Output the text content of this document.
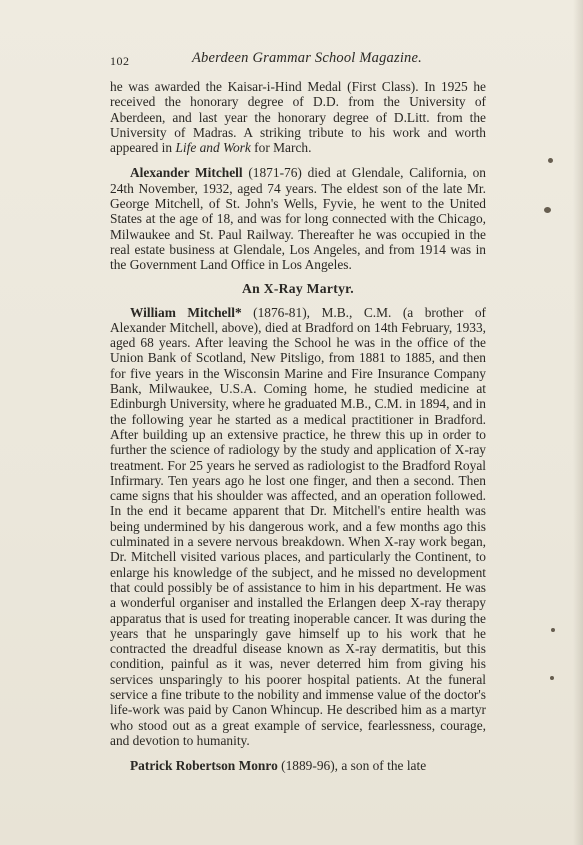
102	Aberdeen Grammar School Magazine.

he was awarded the Kaisar-i-Hind Medal (First Class). In 1925 he received the honorary degree of D.D. from the University of Aberdeen, and last year the honorary degree of D.Litt. from the University of Madras. A striking tribute to his work and worth appeared in Life and Work for March.

Alexander Mitchell (1871-76) died at Glendale, California, on 24th November, 1932, aged 74 years. The eldest son of the late Mr. George Mitchell, of St. John's Wells, Fyvie, he went to the United States at the age of 18, and was for long connected with the Chicago, Milwaukee and St. Paul Railway. Thereafter he was occupied in the real estate business at Glendale, Los Angeles, and from 1914 was in the Government Land Office in Los Angeles.

An X-Ray Martyr.

William Mitchell* (1876-81), M.B., C.M. (a brother of Alexander Mitchell, above), died at Bradford on 14th February, 1933, aged 68 years. After leaving the School he was in the office of the Union Bank of Scotland, New Pitsligo, from 1881 to 1885, and then for five years in the Wisconsin Marine and Fire Insurance Company Bank, Milwaukee, U.S.A. Coming home, he studied medicine at Edinburgh University, where he graduated M.B., C.M. in 1894, and in the following year he started as a medical practitioner in Bradford. After building up an extensive practice, he threw this up in order to further the science of radiology by the study and application of X-ray treatment. For 25 years he served as radiologist to the Bradford Royal Infirmary. Ten years ago he lost one finger, and then a second. Then came signs that his shoulder was affected, and an operation followed. In the end it became apparent that Dr. Mitchell's entire health was being undermined by his dangerous work, and a few months ago this culminated in a severe nervous breakdown. When X-ray work began, Dr. Mitchell visited various places, and particularly the Continent, to enlarge his knowledge of the subject, and he missed no development that could possibly be of assistance to him in his department. He was a wonderful organiser and installed the Erlangen deep X-ray therapy apparatus that is used for treating inoperable cancer. It was during the years that he unsparingly gave himself up to his work that he contracted the dreadful disease known as X-ray dermatitis, but this condition, painful as it was, never deterred him from giving his services unsparingly to his poorer hospital patients. At the funeral service a fine tribute to the nobility and immense value of the doctor's life-work was paid by Canon Whincup. He described him as a martyr who stood out as a great example of service, fearlessness, courage, and devotion to humanity.

Patrick Robertson Monro (1889-96), a son of the late
